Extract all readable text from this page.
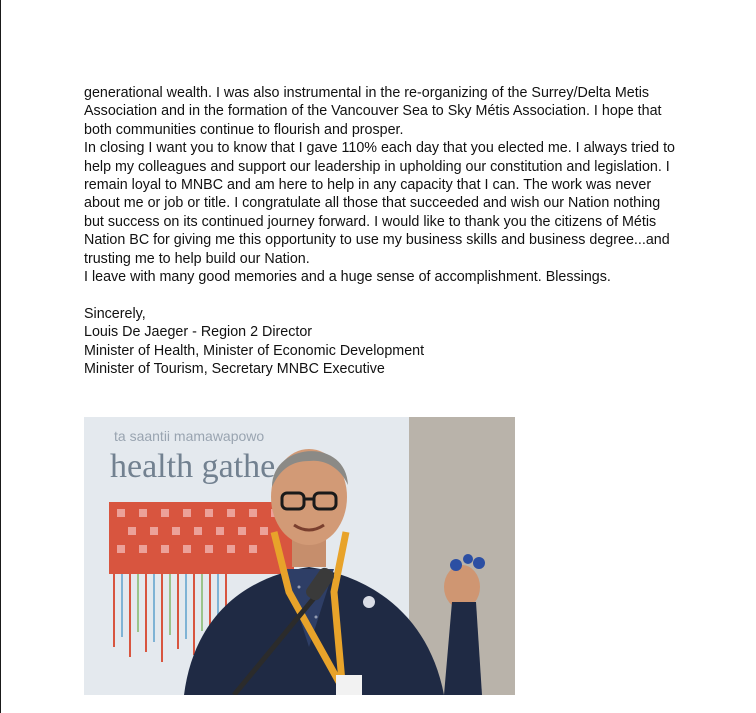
generational wealth. I was also instrumental in the re-organizing of the Surrey/Delta Metis Association and in the formation of the Vancouver Sea to Sky Métis Association. I hope that both communities continue to flourish and prosper.

In closing I want you to know that I gave 110% each day that you elected me. I always tried to help my colleagues and support our leadership in upholding our constitution and legislation. I remain loyal to MNBC and am here to help in any capacity that I can. The work was never about me or job or title. I congratulate all those that succeeded and wish our Nation nothing but success on its continued journey forward. I would like to thank you the citizens of Métis Nation BC for giving me this opportunity to use my business skills and business degree...and trusting me to help build our Nation.

I leave with many good memories and a huge sense of accomplishment. Blessings.

Sincerely,

Louis De Jaeger - Region 2 Director

Minister of Health, Minister of Economic Development

Minister of Tourism, Secretary MNBC Executive

ta saantii mamawapowo
health gathe
